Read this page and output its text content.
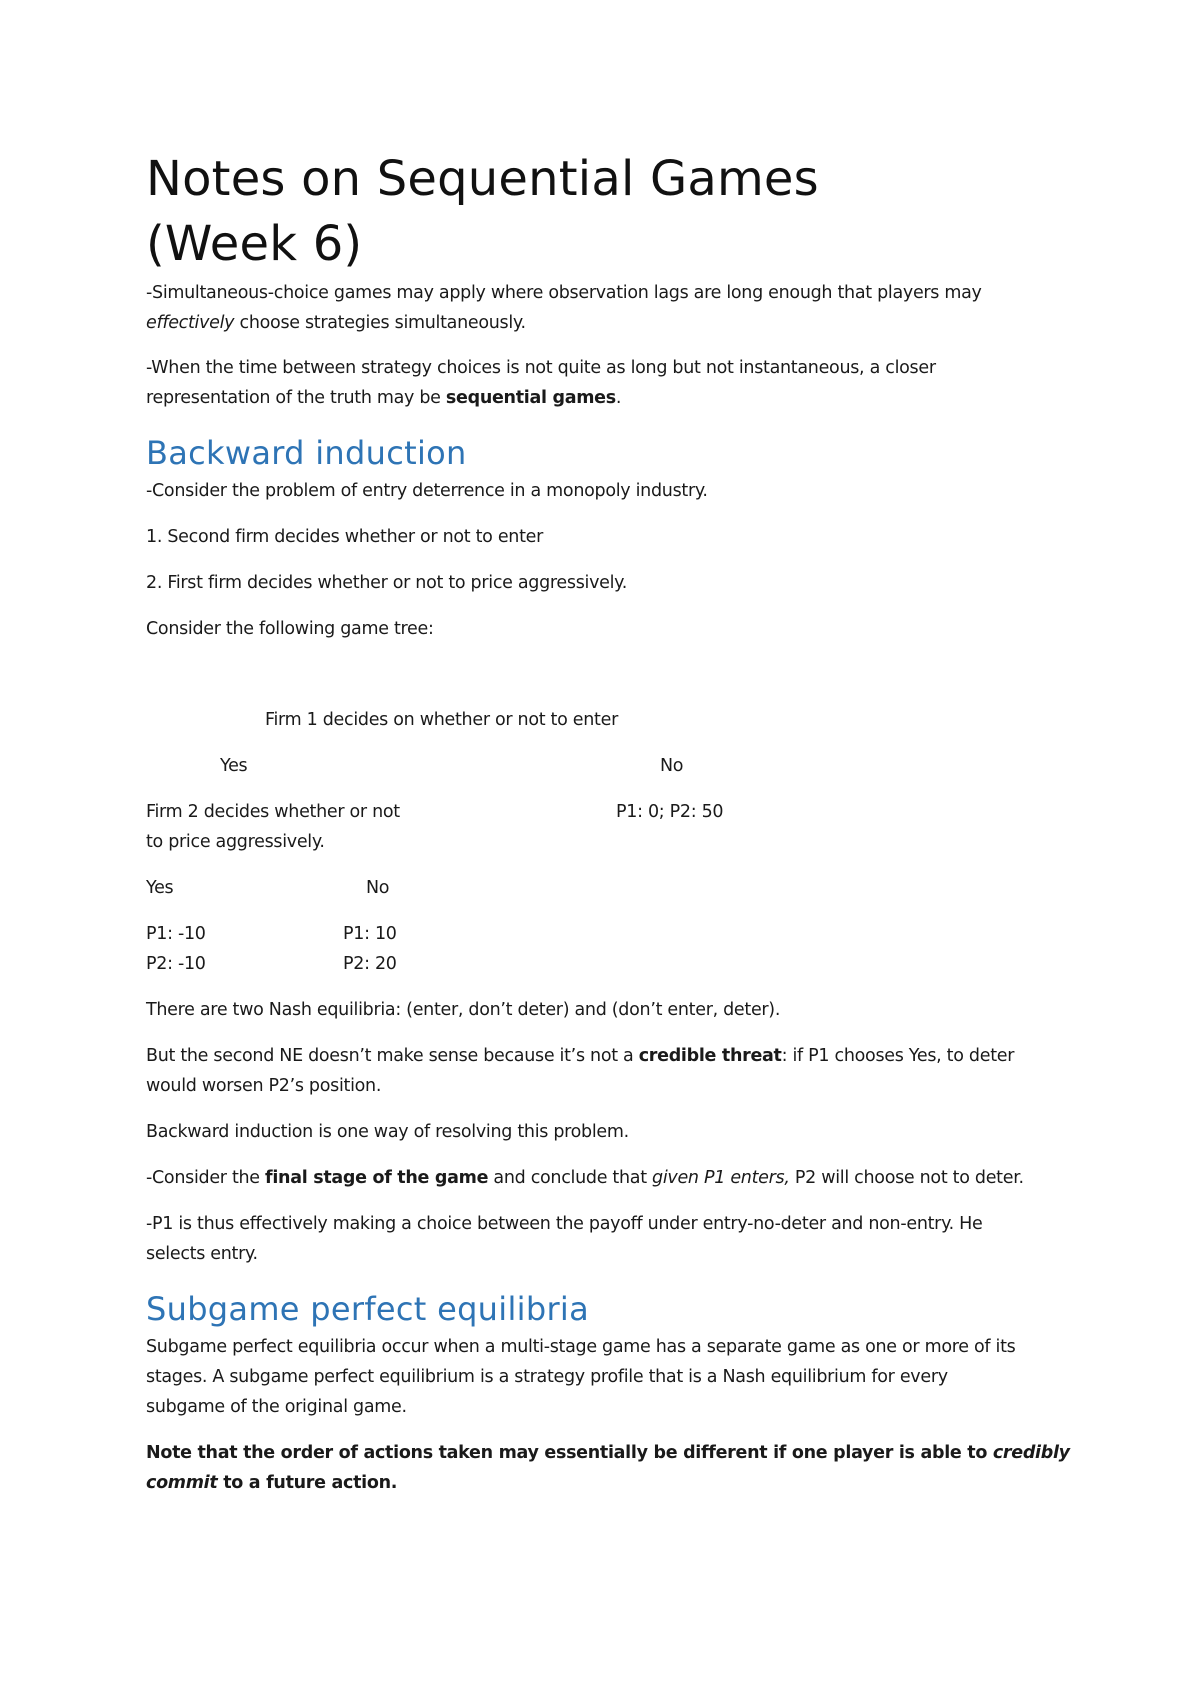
Notes on Sequential Games
(Week 6)
-Simultaneous-choice games may apply where observation lags are long enough that players may
effectively choose strategies simultaneously.
-When the time between strategy choices is not quite as long but not instantaneous, a closer
representation of the truth may be sequential games.
Backward induction
-Consider the problem of entry deterrence in a monopoly industry.
1. Second firm decides whether or not to enter
2. First firm decides whether or not to price aggressively.
Consider the following game tree:
Firm 1 decides on whether or not to enter
Yes	No
Firm 2 decides whether or not
to price aggressively.
P1: 0; P2: 50
Yes	No
P1: -10
P2: -10
P1: 10
P2: 20
There are two Nash equilibria: (enter, don’t deter) and (don’t enter, deter).
But the second NE doesn’t make sense because it’s not a credible threat: if P1 chooses Yes, to deter
would worsen P2’s position.
Backward induction is one way of resolving this problem.
-Consider the final stage of the game and conclude that given P1 enters, P2 will choose not to deter.
-P1 is thus effectively making a choice between the payoff under entry-no-deter and non-entry. He
selects entry.
Subgame perfect equilibria
Subgame perfect equilibria occur when a multi-stage game has a separate game as one or more of its
stages. A subgame perfect equilibrium is a strategy profile that is a Nash equilibrium for every
subgame of the original game.
Note that the order of actions taken may essentially be different if one player is able to credibly
commit to a future action.
